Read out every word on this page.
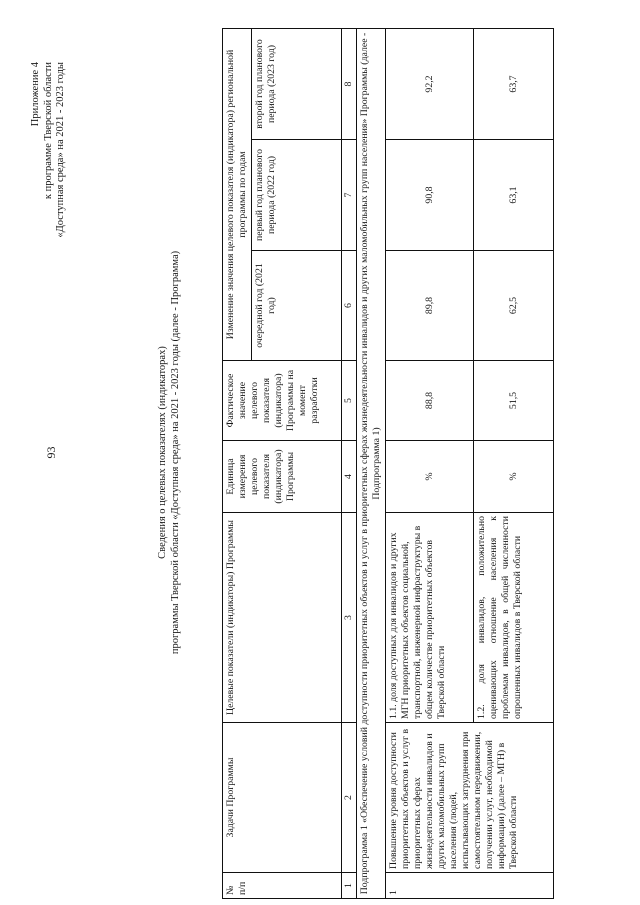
93
Приложение 4 к программе Тверской области «Доступная среда» на 2021 - 2023 годы
Сведения о целевых показателях (индикаторах) программы Тверской области «Доступная среда» на 2021 - 2023 годы (далее - Программа)
№ п/п	Задачи Программы	Целевые показатели (индикаторы) Программы	Единица измерения целевого показателя (индикатора) Программы	Фактическое значение целевого показателя (индикатора) Программы на момент разработки	Изменение значения целевого показателя (индикатора) региональной программы по годам		
					очередной год (2021 год)	первый год планового периода (2022 год)	второй год планового периода (2023 год)
1	2	3	4	5	6	7	8
Подпрограмма 1 «Обеспечение условий доступности приоритетных объектов и услуг в приоритетных сферах жизнедеятельности инвалидов и других маломобильных групп населения» Программы (далее - Подпрограмма 1)							
1	Повышение уровня доступности приоритетных объектов и услуг в приоритетных сферах жизнедеятельности инвалидов и других маломобильных групп населения (людей, испытывающих затруднения при самостоятельном передвижении, получении услуг, необходимой информации) (далее – МГН) в Тверской области	1.1. доля доступных для инвалидов и других МГН приоритетных объектов социальной, транспортной, инженерной инфраструктуры в общем количестве приоритетных объектов Тверской области	%	88,8	89,8	90,8	92,2
		1.2. доля инвалидов, положительно оценивающих отношение населения к проблемам инвалидов, в общей численности опрошенных инвалидов в Тверской области	%	51,5	62,5	63,1	63,7
